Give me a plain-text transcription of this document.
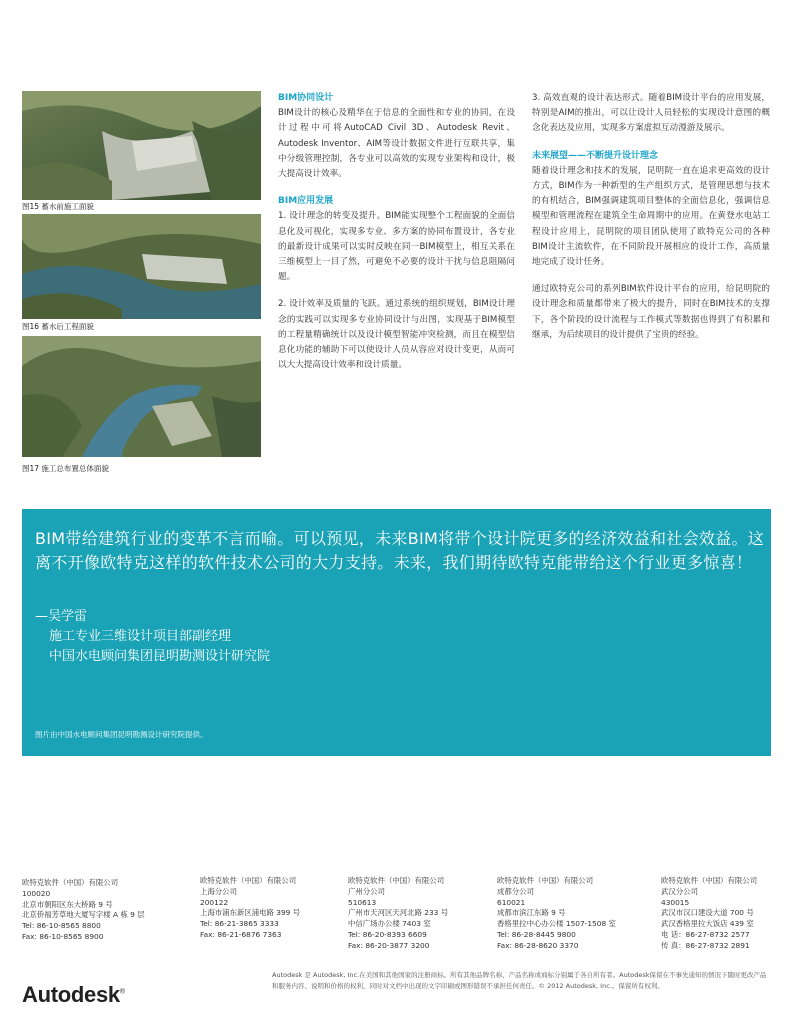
图15 蓄水前施工面貌
图16 蓄水后工程面貌
图17 施工总布置总体面貌
BIM协同设计

BIM设计的核心及精华在于信息的全面性和专业的协同，在设计过程中可将AutoCAD Civil 3D、Autodesk Revit、Autodesk Inventor、AIM等设计数据文件进行互联共享，集中分级管理控制，各专业可以高效的实现专业架构和设计，极大提高设计效率。

BIM应用发展

1. 设计理念的转变及提升。BIM能实现整个工程面貌的全面信息化及可视化，实现多专业、多方案的协同布置设计，各专业的最新设计成果可以实时反映在同一BIM模型上，相互关系在三维模型上一目了然，可避免不必要的设计干扰与信息阻隔问题。

2. 设计效率及质量的飞跃。通过系统的组织规划，BIM设计理念的实践可以实现多专业协同设计与出图，实现基于BIM模型的工程量精确统计以及设计模型智能冲突检测，而且在模型信息化功能的辅助下可以使设计人员从容应对设计变更，从而可以大大提高设计效率和设计质量。

3. 高效直观的设计表达形式。随着BIM设计平台的应用发展，特别是AIM的推出，可以让设计人员轻松的实现设计意图的概念化表达及应用，实现多方案虚拟互动漫游及展示。

未来展望——不断提升设计理念

随着设计理念和技术的发展，昆明院一直在追求更高效的设计方式，BIM作为一种新型的生产组织方式，是管理思想与技术的有机结合，BIM强调建筑项目整体的全面信息化，强调信息模型和管理流程在建筑全生命周期中的应用。在黄登水电站工程设计应用上，昆明院的项目团队使用了欧特克公司的各种BIM设计主流软件，在不同阶段开展相应的设计工作，高质量地完成了设计任务。

通过欧特克公司的系列BIM软件设计平台的应用，给昆明院的设计理念和质量都带来了极大的提升，同时在BIM技术的支撑下，各个阶段的设计流程与工作模式等数据也得到了有积累和继承，为后续项目的设计提供了宝贵的经验。

BIM带给建筑行业的变革不言而喻。可以预见，未来BIM将带个设计院更多的经济效益和社会效益。这离不开像欧特克这样的软件技术公司的大力支持。未来，我们期待欧特克能带给这个行业更多惊喜！
—吴学雷
施工专业三维设计项目部副经理
中国水电顾问集团昆明勘测设计研究院
图片由中国水电顾问集团昆明勘测设计研究院提供。
欧特克软件（中国）有限公司
100020
北京市朝阳区东大桥路 9 号
北京侨福芳草地大厦写字楼 A 栋 9 层
Tel: 86-10-8565 8800
Fax: 86-10-8565 8900
欧特克软件（中国）有限公司
上海分公司
200122
上海市浦东新区浦电路 399 号
Tel: 86-21-3865 3333
Fax: 86-21-6876 7363
欧特克软件（中国）有限公司
广州分公司
510613
广州市天河区天河北路 233 号
中信广场办公楼 7403 室
Tel: 86-20-8393 6609
Fax: 86-20-3877 3200
欧特克软件（中国）有限公司
成都分公司
610021
成都市滨江东路 9 号
香格里拉中心办公楼 1507-1508 室
Tel: 86-28-8445 9800
Fax: 86-28-8620 3370
欧特克软件（中国）有限公司
武汉分公司
430015
武汉市汉口建设大道 700 号
武汉香格里拉大饭店 439 室
电 话：86-27-8732 2577
传 真：86-27-8732 2891
Autodesk 是 Autodesk, Inc.在美国和其他国家的注册商标。所有其他品牌名称、产品名称或商标分别属于各自所有者。Autodesk保留在不事先通知的情况下随时更改产品和服务内容、说明和价格的权利，同时对文档中出现的文字印刷或图形错误不承担任何责任。© 2012 Autodesk, Inc.。保留所有权利。
Autodesk®
